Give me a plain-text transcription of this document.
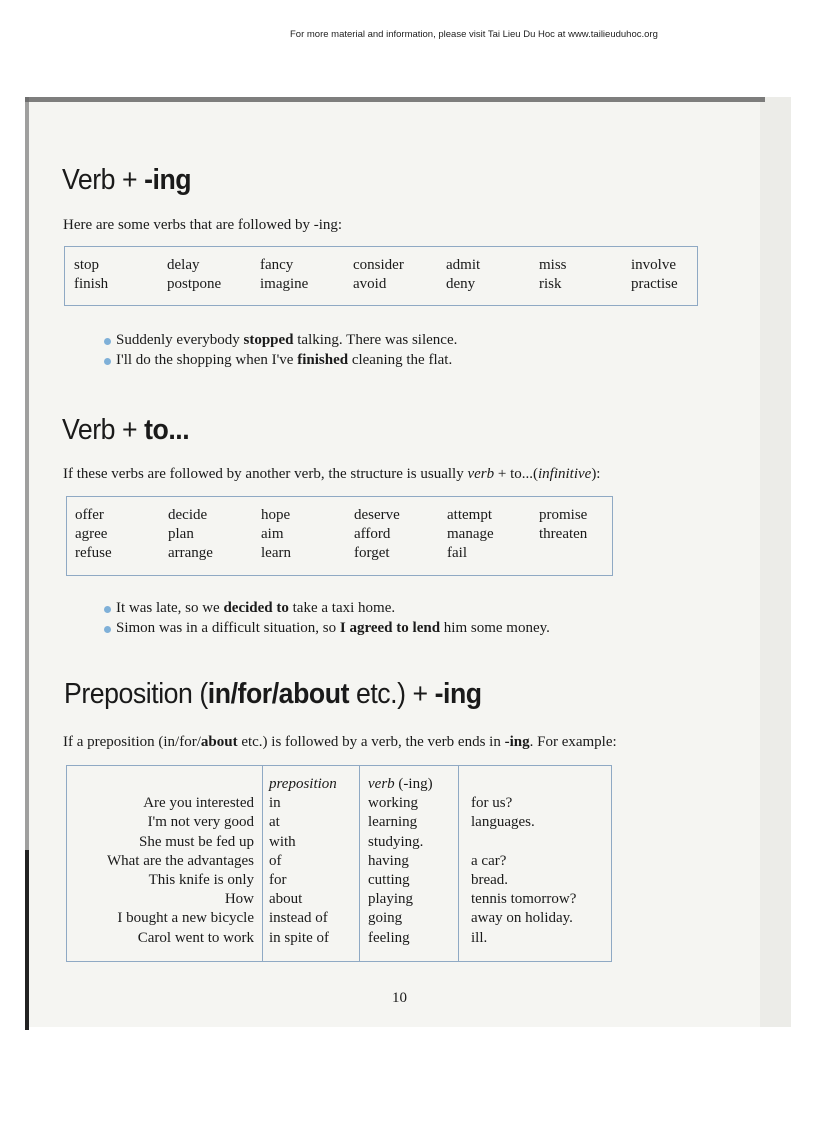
For more material and information, please visit Tai Lieu Du Hoc at www.tailieuduhoc.org
Verb + -ing

Here are some verbs that are followed by -ing:

stop	delay	fancy	consider	admit	miss	involve
finish	postpone	imagine	avoid	deny	risk	practise
Suddenly everybody stopped talking. There was silence.
I'll do the shopping when I've finished cleaning the flat.
Verb + to...

If these verbs are followed by another verb, the structure is usually verb + to...(infinitive):

offer	decide	hope	deserve	attempt	promise
agree	plan	aim	afford	manage	threaten
refuse	arrange	learn	forget	fail	
It was late, so we decided to take a taxi home.
Simon was in a difficult situation, so I agreed to lend him some money.
Preposition (in/for/about etc.) + -ing

If a preposition (in/for/about etc.) is followed by a verb, the verb ends in -ing. For example:

	preposition	verb (-ing)	
Are you interested	in	working	for us?
I'm not very good	at	learning	languages.
She must be fed up	with	studying.	
What are the advantages	of	having	a car?
This knife is only	for	cutting	bread.
How	about	playing	tennis tomorrow?
I bought a new bicycle	instead of	going	away on holiday.
Carol went to work	in spite of	feeling	ill.
10
